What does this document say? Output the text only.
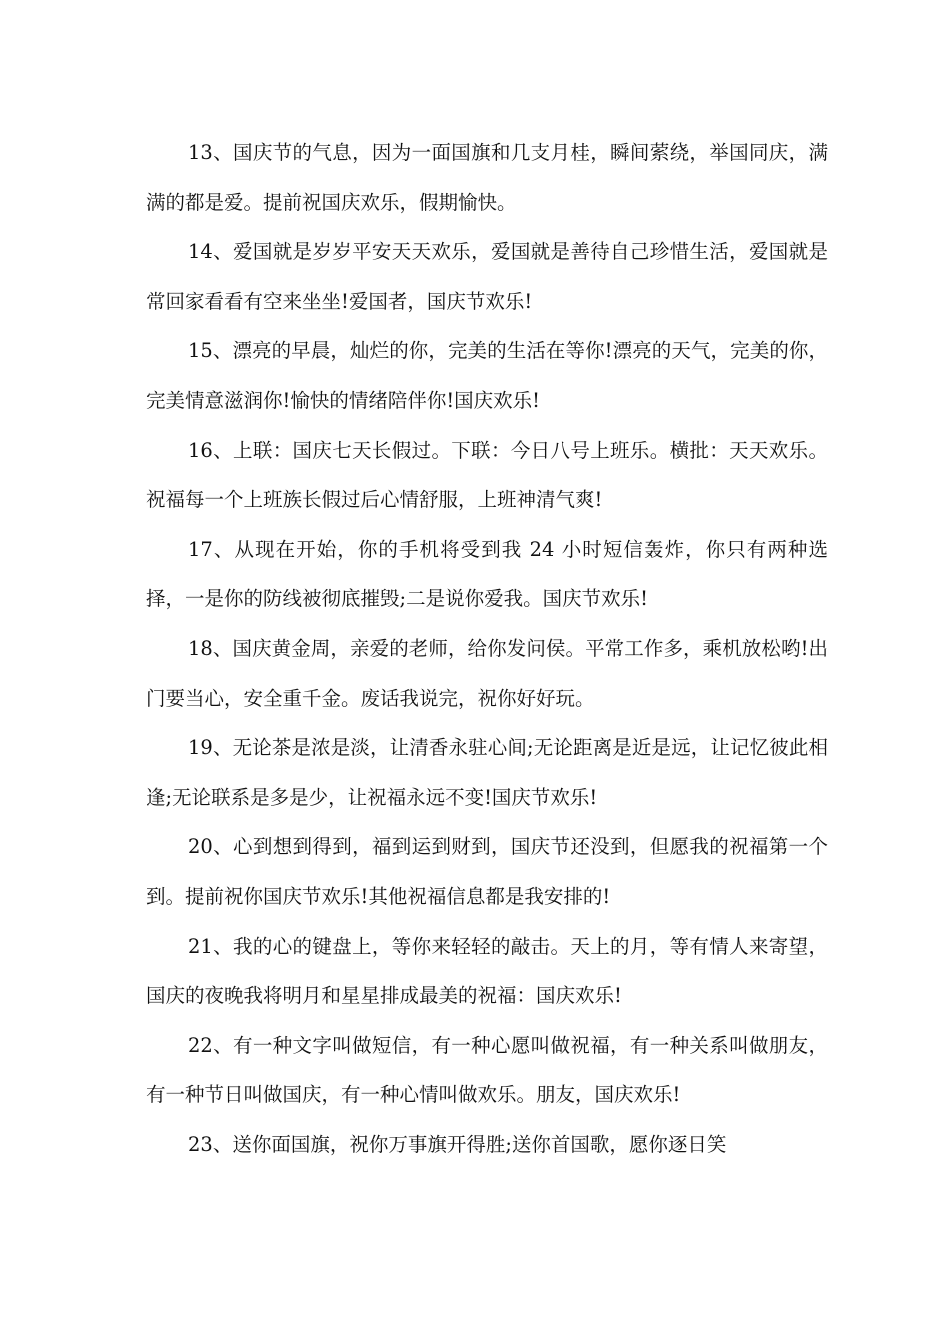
13、国庆节的气息，因为一面国旗和几支月桂，瞬间萦绕，举国同庆，满满的都是爱。提前祝国庆欢乐，假期愉快。

14、爱国就是岁岁平安天天欢乐，爱国就是善待自己珍惜生活，爱国就是常回家看看有空来坐坐!爱国者，国庆节欢乐!

15、漂亮的早晨，灿烂的你，完美的生活在等你!漂亮的天气，完美的你，完美情意滋润你!愉快的情绪陪伴你!国庆欢乐!

16、上联：国庆七天长假过。下联：今日八号上班乐。横批：天天欢乐。祝福每一个上班族长假过后心情舒服，上班神清气爽!

17、从现在开始，你的手机将受到我 24 小时短信轰炸，你只有两种选择，一是你的防线被彻底摧毁;二是说你爱我。国庆节欢乐!

18、国庆黄金周，亲爱的老师，给你发问侯。平常工作多，乘机放松哟!出门要当心，安全重千金。废话我说完，祝你好好玩。

19、无论茶是浓是淡，让清香永驻心间;无论距离是近是远，让记忆彼此相逢;无论联系是多是少，让祝福永远不变!国庆节欢乐!

20、心到想到得到，福到运到财到，国庆节还没到，但愿我的祝福第一个到。提前祝你国庆节欢乐!其他祝福信息都是我安排的!

21、我的心的键盘上，等你来轻轻的敲击。天上的月，等有情人来寄望，国庆的夜晚我将明月和星星排成最美的祝福：国庆欢乐!

22、有一种文字叫做短信，有一种心愿叫做祝福，有一种关系叫做朋友，有一种节日叫做国庆，有一种心情叫做欢乐。朋友，国庆欢乐!

23、送你面国旗，祝你万事旗开得胜;送你首国歌，愿你逐日笑
